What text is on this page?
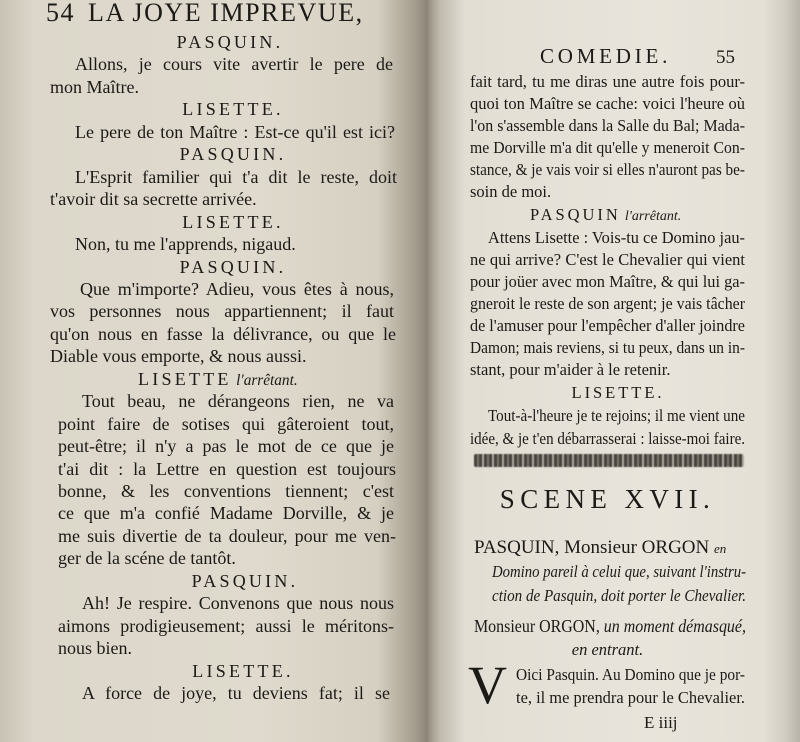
54 LA JOYE IMPREVUE,
COMEDIE. 55
PASQUIN.
Allons, je cours vite avertir le pere de
mon Maître.
LISETTE.
Le pere de ton Maître : Est-ce qu'il est ici?
PASQUIN.
L'Esprit familier qui t'a dit le reste, doit
t'avoir dit sa secrette arrivée.
LISETTE.
Non, tu me l'apprends, nigaud.
PASQUIN.
Que m'importe? Adieu, vous êtes à nous,
vos personnes nous appartiennent; il faut
qu'on nous en fasse la délivrance, ou que le
Diable vous emporte, & nous aussi.
LISETTE l'arrêtant.
Tout beau, ne dérangeons rien, ne va
point faire de sotises qui gâteroient tout,
peut-être; il n'y a pas le mot de ce que je
t'ai dit : la Lettre en question est toujours
bonne, & les conventions tiennent; c'est
ce que m'a confié Madame Dorville, & je
me suis divertie de ta douleur, pour me ven-
ger de la scéne de tantôt.
PASQUIN.
Ah! Je respire. Convenons que nous nous
aimons prodigieusement; aussi le méritons-
nous bien.
LISETTE.
A force de joye, tu deviens fat; il se
fait tard, tu me diras une autre fois pour-
quoi ton Maître se cache: voici l'heure où
l'on s'assemble dans la Salle du Bal; Mada-
me Dorville m'a dit qu'elle y meneroit Con-
stance, & je vais voir si elles n'auront pas be-
soin de moi.
PASQUIN l'arrêtant.
Attens Lisette : Vois-tu ce Domino jau-
ne qui arrive? C'est le Chevalier qui vient
pour joüer avec mon Maître, & qui lui ga-
gneroit le reste de son argent; je vais tâcher
de l'amuser pour l'empêcher d'aller joindre
Damon; mais reviens, si tu peux, dans un in-
stant, pour m'aider à le retenir.
LISETTE.
Tout-à-l'heure je te rejoins; il me vient une
idée, & je t'en débarrasserai : laisse-moi faire.
SCENE XVII.
PASQUIN, Monsieur ORGON en
Domino pareil à celui que, suivant l'instru-
ction de Pasquin, doit porter le Chevalier.
Monsieur ORGON, un moment démasqué,
en entrant.
V Oici Pasquin. Au Domino que je por-
te, il me prendra pour le Chevalier.
E iiij
